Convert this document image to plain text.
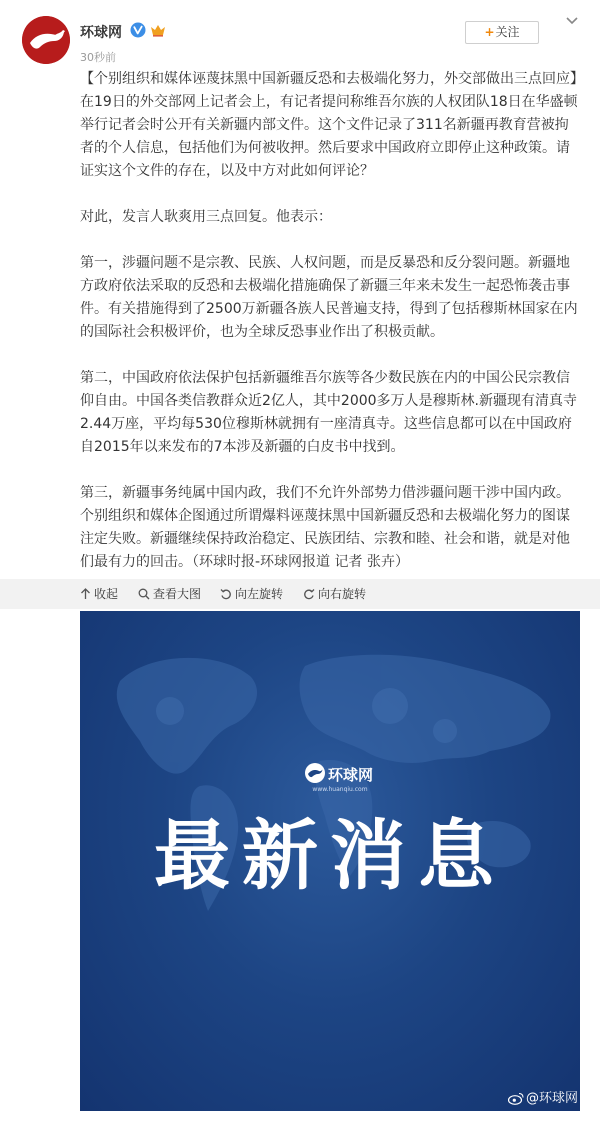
环球网
30秒前
+关注

【个别组织和媒体诬蔑抹黑中国新疆反恐和去极端化努力，外交部做出三点回应】在19日的外交部网上记者会上，有记者提问称维吾尔族的人权团队18日在华盛顿举行记者会时公开有关新疆内部文件。这个文件记录了311名新疆再教育营被拘者的个人信息，包括他们为何被收押。然后要求中国政府立即停止这种政策。请证实这个文件的存在，以及中方对此如何评论？

对此，发言人耿爽用三点回复。他表示：

第一，涉疆问题不是宗教、民族、人权问题，而是反暴恐和反分裂问题。新疆地方政府依法采取的反恐和去极端化措施确保了新疆三年来未发生一起恐怖袭击事件。有关措施得到了2500万新疆各族人民普遍支持，得到了包括穆斯林国家在内的国际社会积极评价，也为全球反恐事业作出了积极贡献。

第二，中国政府依法保护包括新疆维吾尔族等各少数民族在内的中国公民宗教信仰自由。中国各类信教群众近2亿人，其中2000多万人是穆斯林.新疆现有清真寺2.44万座，平均每530位穆斯林就拥有一座清真寺。这些信息都可以在中国政府自2015年以来发布的7本涉及新疆的白皮书中找到。

第三，新疆事务纯属中国内政，我们不允许外部势力借涉疆问题干涉中国内政。个别组织和媒体企图通过所谓爆料诬蔑抹黑中国新疆反恐和去极端化努力的图谋注定失败。新疆继续保持政治稳定、民族团结、宗教和睦、社会和谐，就是对他们最有力的回击。（环球时报-环球网报道 记者 张卉）

收起	查看大图	向左旋转	向右旋转
环球网
www.huanqiu.com
最新消息
@环球网
